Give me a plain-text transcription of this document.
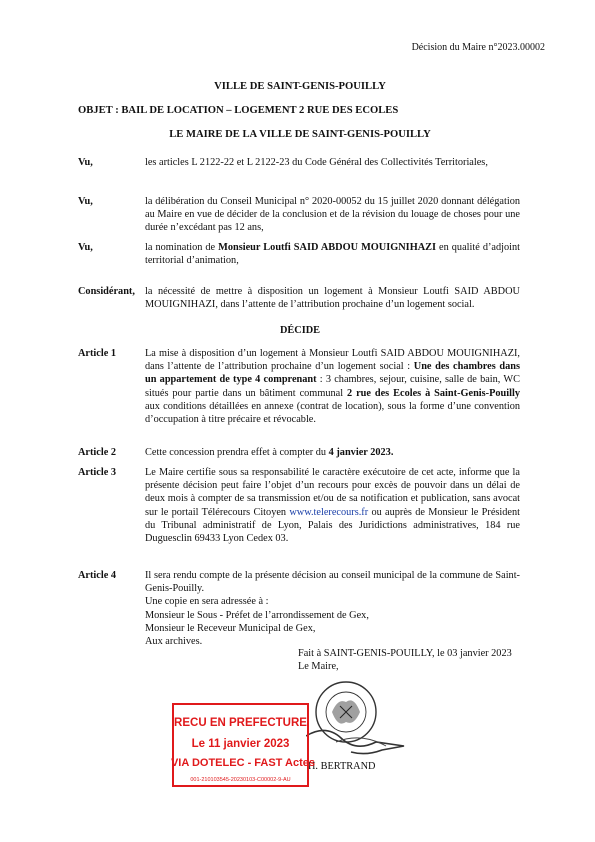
Décision du Maire n°2023.00002
VILLE DE SAINT-GENIS-POUILLY
OBJET : BAIL DE LOCATION – LOGEMENT 2 RUE DES ECOLES
LE MAIRE DE LA VILLE DE SAINT-GENIS-POUILLY
Vu,	les articles L 2122-22 et L 2122-23 du Code Général des Collectivités Territoriales,
Vu,	la délibération du Conseil Municipal n° 2020-00052 du 15 juillet 2020 donnant délégation au Maire en vue de décider de la conclusion et de la révision du louage de choses pour une durée n’excédant pas 12 ans,
Vu,	la nomination de Monsieur Loutfi SAID ABDOU MOUIGNIHAZI en qualité d’adjoint territorial d’animation,
Considérant, la nécessité de mettre à disposition un logement à Monsieur Loutfi SAID ABDOU MOUIGNIHAZI, dans l’attente de l’attribution prochaine d’un logement social.
DÉCIDE
Article 1	La mise à disposition d’un logement à Monsieur Loutfi SAID ABDOU MOUIGNIHAZI, dans l’attente de l’attribution prochaine d’un logement social : Une des chambres dans un appartement de type 4 comprenant : 3 chambres, sejour, cuisine, salle de bain, WC situés pour partie dans un bâtiment communal 2 rue des Ecoles à Saint-Genis-Pouilly aux conditions détaillées en annexe (contrat de location), sous la forme d’une convention d’occupation à titre précaire et révocable.
Article 2	Cette concession prendra effet à compter du 4 janvier 2023.
Article 3	Le Maire certifie sous sa responsabilité le caractère exécutoire de cet acte, informe que la présente décision peut faire l’objet d’un recours pour excès de pouvoir dans un délai de deux mois à compter de sa transmission et/ou de sa notification et publication, sans avocat sur le portail Télérecours Citoyen www.telerecours.fr ou auprès de Monsieur le Président du Tribunal administratif de Lyon, Palais des Juridictions administratives, 184 rue Duguesclin 69433 Lyon Cedex 03.
Article 4	Il sera rendu compte de la présente décision au conseil municipal de la commune de Saint-Genis-Pouilly.
Une copie en sera adressée à :
Monsieur le Sous - Préfet de l’arrondissement de Gex,
Monsieur le Receveur Municipal de Gex,
Aux archives.
Fait à SAINT-GENIS-POUILLY, le 03 janvier 2023
Le Maire,
H. BERTRAND
RECU EN PREFECTURE
Le 11 janvier 2023
VIA DOTELEC - FAST Actes
001-210103545-20230103-C00002-9-AU
